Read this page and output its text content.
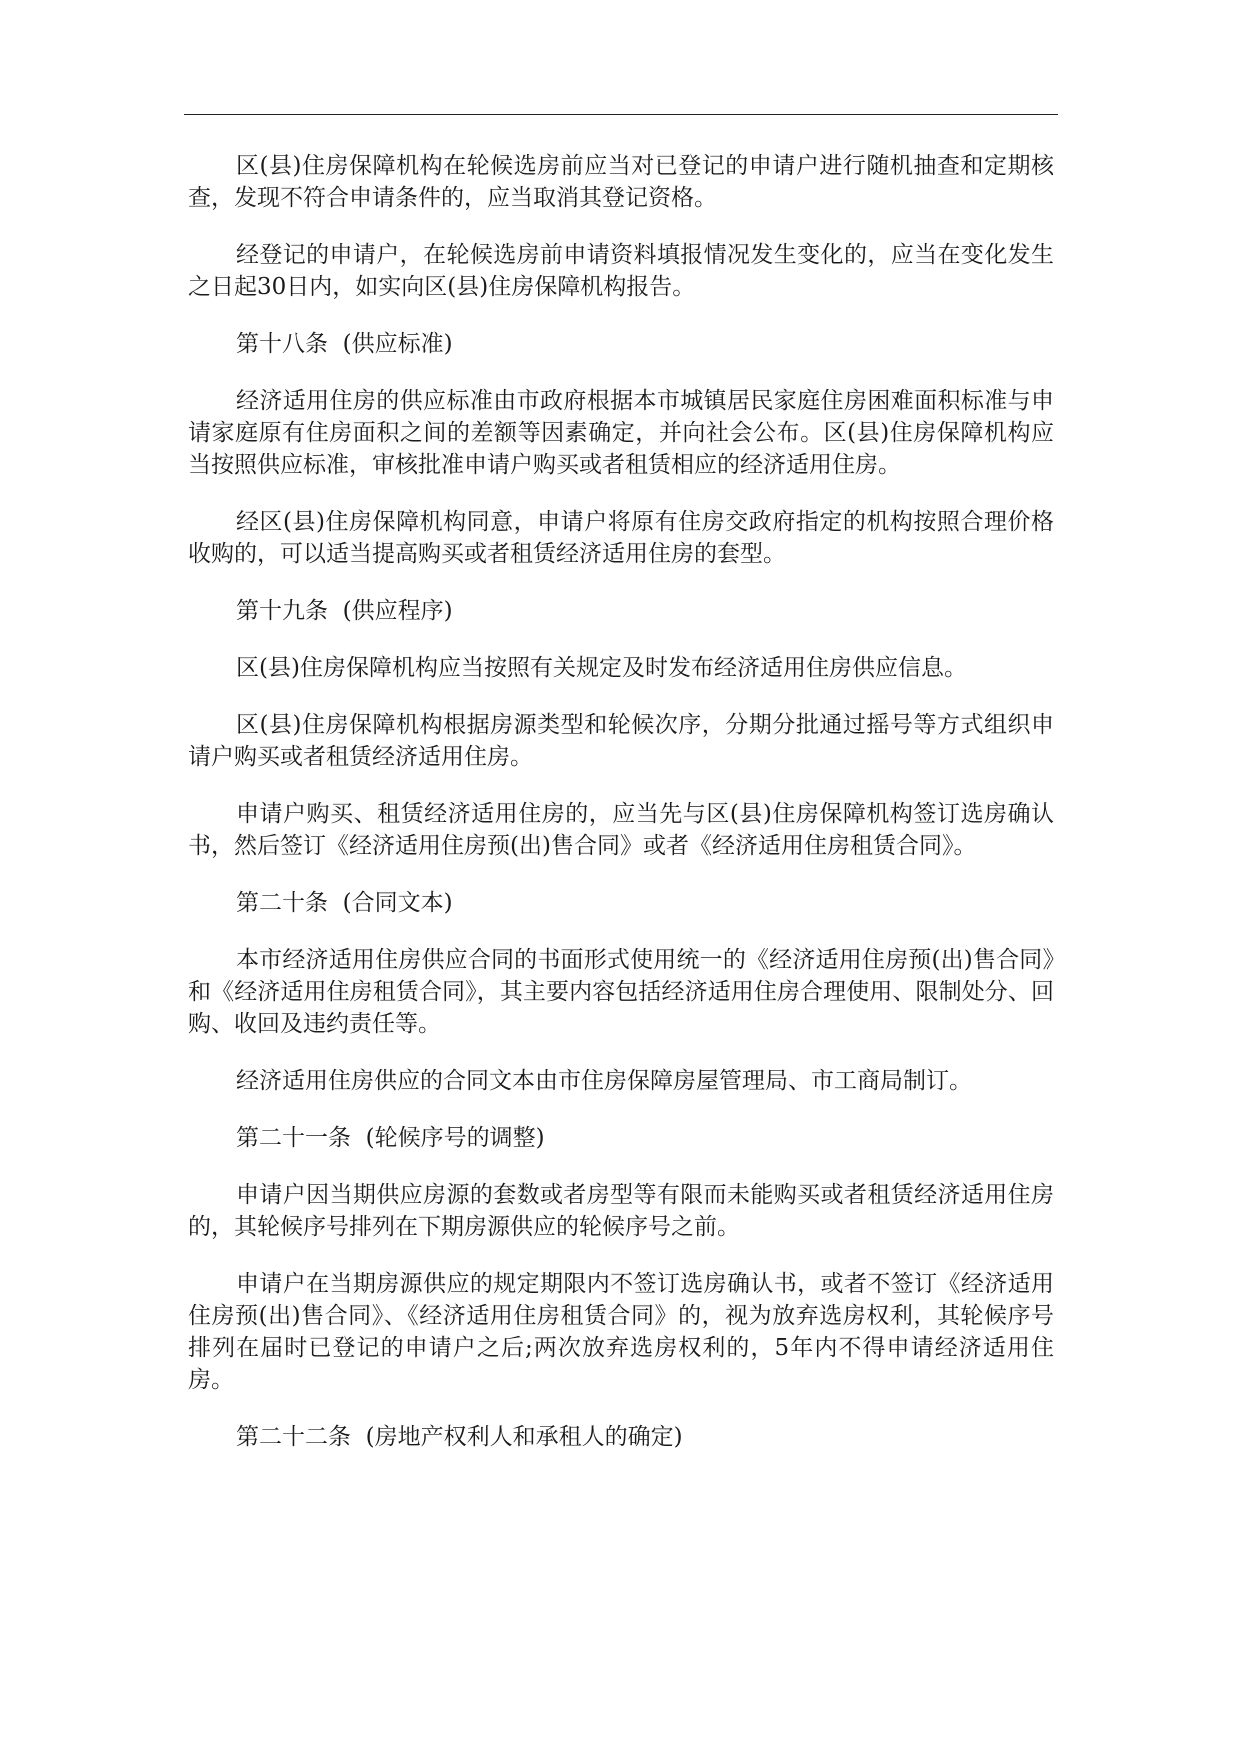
区(县)住房保障机构在轮候选房前应当对已登记的申请户进行随机抽查和定期核查，发现不符合申请条件的，应当取消其登记资格。

经登记的申请户，在轮候选房前申请资料填报情况发生变化的，应当在变化发生之日起30日内，如实向区(县)住房保障机构报告。

第十八条  (供应标准)

经济适用住房的供应标准由市政府根据本市城镇居民家庭住房困难面积标准与申请家庭原有住房面积之间的差额等因素确定，并向社会公布。区(县)住房保障机构应当按照供应标准，审核批准申请户购买或者租赁相应的经济适用住房。

经区(县)住房保障机构同意，申请户将原有住房交政府指定的机构按照合理价格收购的，可以适当提高购买或者租赁经济适用住房的套型。

第十九条  (供应程序)

区(县)住房保障机构应当按照有关规定及时发布经济适用住房供应信息。

区(县)住房保障机构根据房源类型和轮候次序，分期分批通过摇号等方式组织申请户购买或者租赁经济适用住房。

申请户购买、租赁经济适用住房的，应当先与区(县)住房保障机构签订选房确认书，然后签订《经济适用住房预(出)售合同》或者《经济适用住房租赁合同》。

第二十条  (合同文本)

本市经济适用住房供应合同的书面形式使用统一的《经济适用住房预(出)售合同》和《经济适用住房租赁合同》，其主要内容包括经济适用住房合理使用、限制处分、回购、收回及违约责任等。

经济适用住房供应的合同文本由市住房保障房屋管理局、市工商局制订。

第二十一条  (轮候序号的调整)

申请户因当期供应房源的套数或者房型等有限而未能购买或者租赁经济适用住房的，其轮候序号排列在下期房源供应的轮候序号之前。

申请户在当期房源供应的规定期限内不签订选房确认书，或者不签订《经济适用住房预(出)售合同》、《经济适用住房租赁合同》的，视为放弃选房权利，其轮候序号排列在届时已登记的申请户之后;两次放弃选房权利的，5年内不得申请经济适用住房。

第二十二条  (房地产权利人和承租人的确定)
